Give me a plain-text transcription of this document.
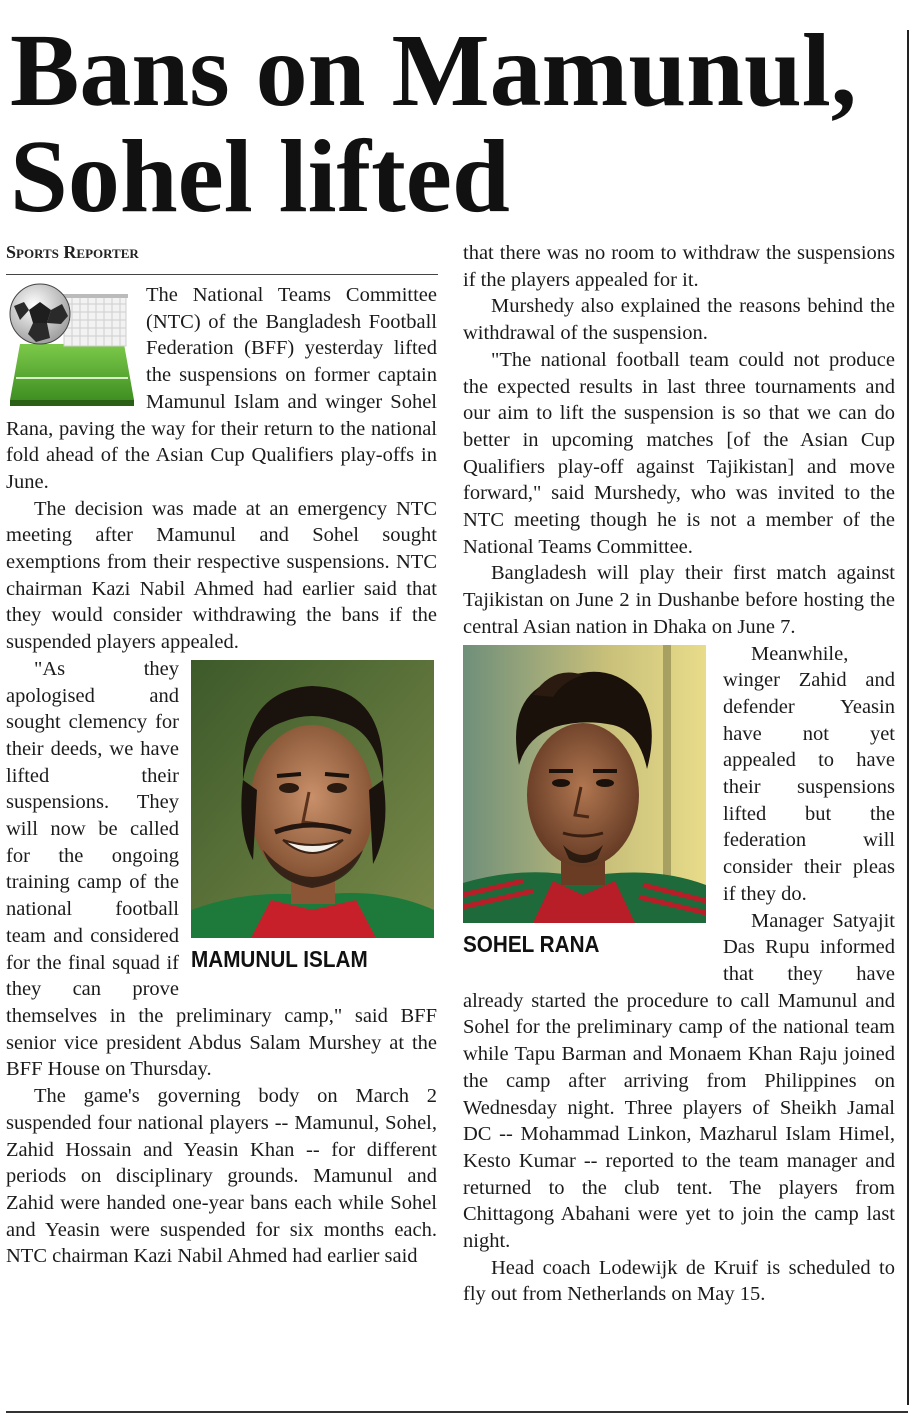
Bans on Mamunul,
Sohel lifted
Sports Reporter

The National Teams Committee (NTC) of the Bangladesh Football Federation (BFF) yesterday lifted the suspensions on former captain Mamunul Islam and winger Sohel Rana, paving the way for their return to the national fold ahead of the Asian Cup Qualifiers play-offs in June.

The decision was made at an emergency NTC meeting after Mamunul and Sohel sought exemptions from their respective suspensions. NTC chairman Kazi Nabil Ahmed had earlier said that they would consider withdrawing the bans if the suspended players appealed.

MAMUNUL ISLAM

"As they apologised and sought clemency for their deeds, we have lifted their suspensions. They will now be called for the ongoing training camp of the national football team and considered for the final squad if they can prove themselves in the preliminary camp," said BFF senior vice president Abdus Salam Murshey at the BFF House on Thursday.

The game's governing body on March 2 suspended four national players -- Mamunul, Sohel, Zahid Hossain and Yeasin Khan -- for different periods on disciplinary grounds. Mamunul and Zahid were handed one-year bans each while Sohel and Yeasin were suspended for six months each. NTC chairman Kazi Nabil Ahmed had earlier said

that there was no room to withdraw the suspensions if the players appealed for it.

Murshedy also explained the reasons behind the withdrawal of the suspension.

"The national football team could not produce the expected results in last three tournaments and our aim to lift the suspension is so that we can do better in upcoming matches [of the Asian Cup Qualifiers play-off against Tajikistan] and move forward," said Murshedy, who was invited to the NTC meeting though he is not a member of the National Teams Committee.

Bangladesh will play their first match against Tajikistan on June 2 in Dushanbe before hosting the central Asian nation in Dhaka on June 7.

SOHEL RANA

Meanwhile, winger Zahid and defender Yeasin have not yet appealed to have their suspensions lifted but the federation will consider their pleas if they do.

Manager Satyajit Das Rupu informed that they have already started the procedure to call Mamunul and Sohel for the preliminary camp of the national team while Tapu Barman and Monaem Khan Raju joined the camp after arriving from Philippines on Wednesday night. Three players of Sheikh Jamal DC -- Mohammad Linkon, Mazharul Islam Himel, Kesto Kumar -- reported to the team manager and returned to the club tent. The players from Chittagong Abahani were yet to join the camp last night.

Head coach Lodewijk de Kruif is scheduled to fly out from Netherlands on May 15.
